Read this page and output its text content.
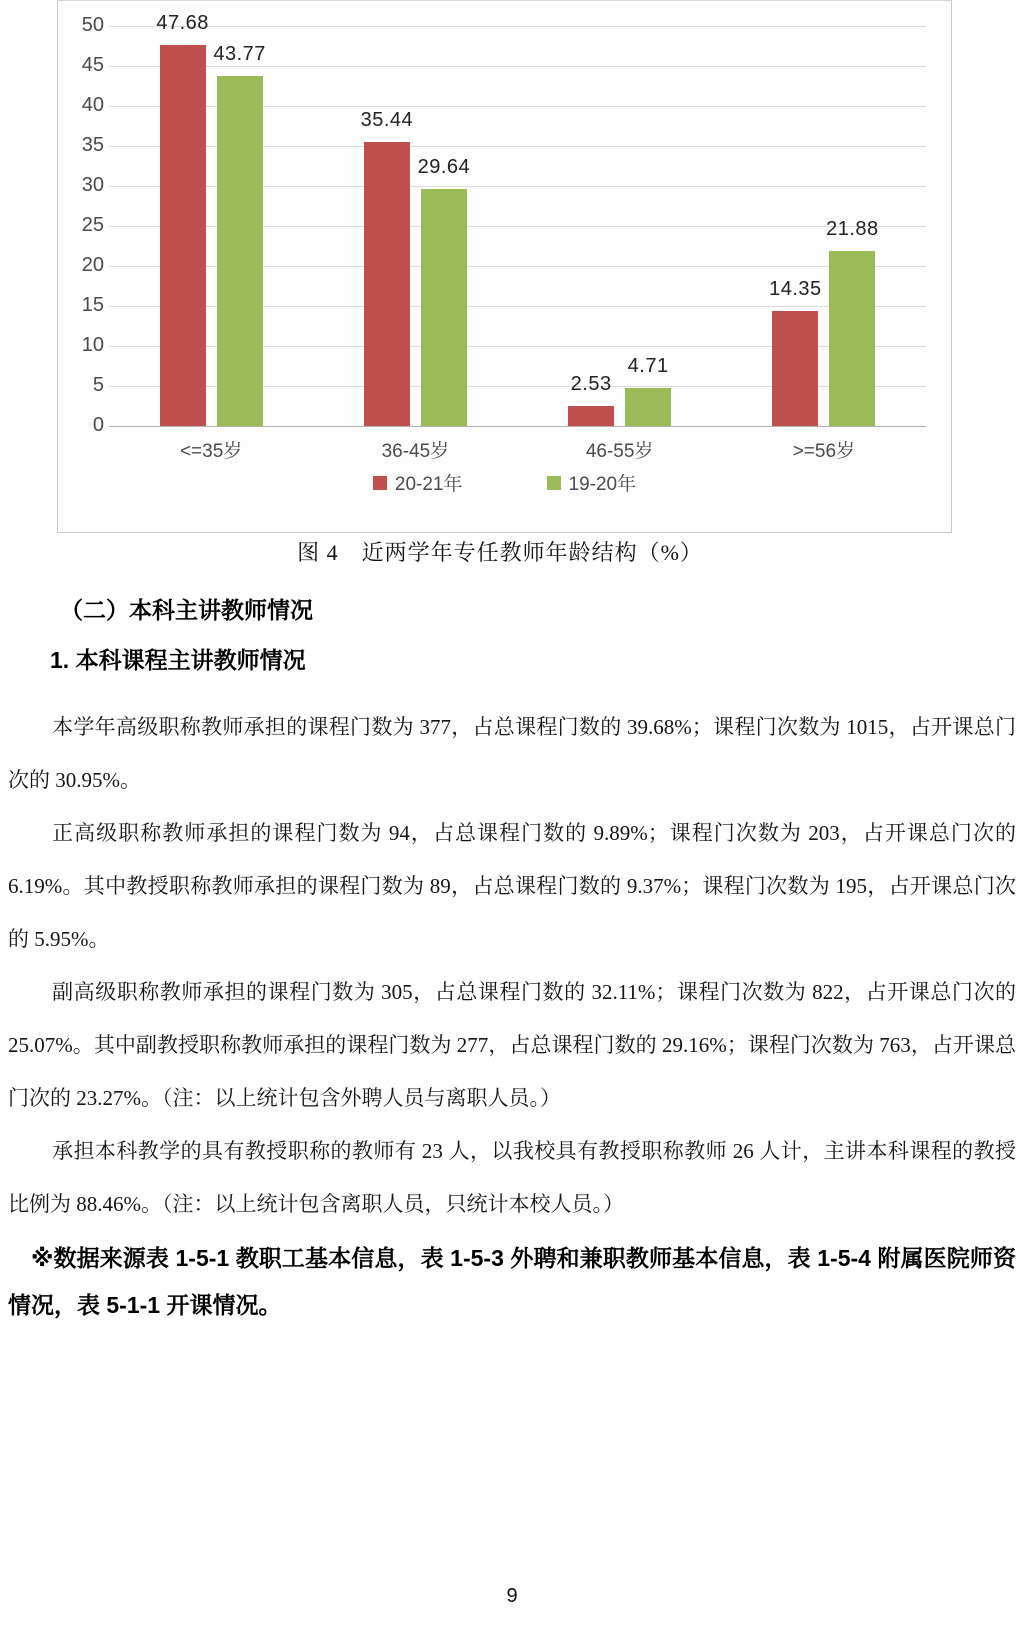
0
5
10
15
20
25
30
35
40
45
50	47.68
43.77
<=35岁
35.44
29.64
36-45岁
2.53
4.71
46-55岁
14.35
21.88
>=56岁
20-21年	19-20年
图 4　近两学年专任教师年龄结构（%）
（二）本科主讲教师情况
1. 本科课程主讲教师情况

本学年高级职称教师承担的课程门数为 377，占总课程门数的 39.68%；课程门次数为 1015，占开课总门次的 30.95%。

正高级职称教师承担的课程门数为 94，占总课程门数的 9.89%；课程门次数为 203，占开课总门次的 6.19%。其中教授职称教师承担的课程门数为 89，占总课程门数的 9.37%；课程门次数为 195，占开课总门次的 5.95%。

副高级职称教师承担的课程门数为 305，占总课程门数的 32.11%；课程门次数为 822，占开课总门次的 25.07%。其中副教授职称教师承担的课程门数为 277，占总课程门数的 29.16%；课程门次数为 763，占开课总门次的 23.27%。（注：以上统计包含外聘人员与离职人员。）

承担本科教学的具有教授职称的教师有 23 人，以我校具有教授职称教师 26 人计，主讲本科课程的教授比例为 88.46%。（注：以上统计包含离职人员，只统计本校人员。）

※数据来源表 1-5-1 教职工基本信息，表 1-5-3 外聘和兼职教师基本信息，表 1-5-4 附属医院师资情况，表 5-1-1 开课情况。

9
